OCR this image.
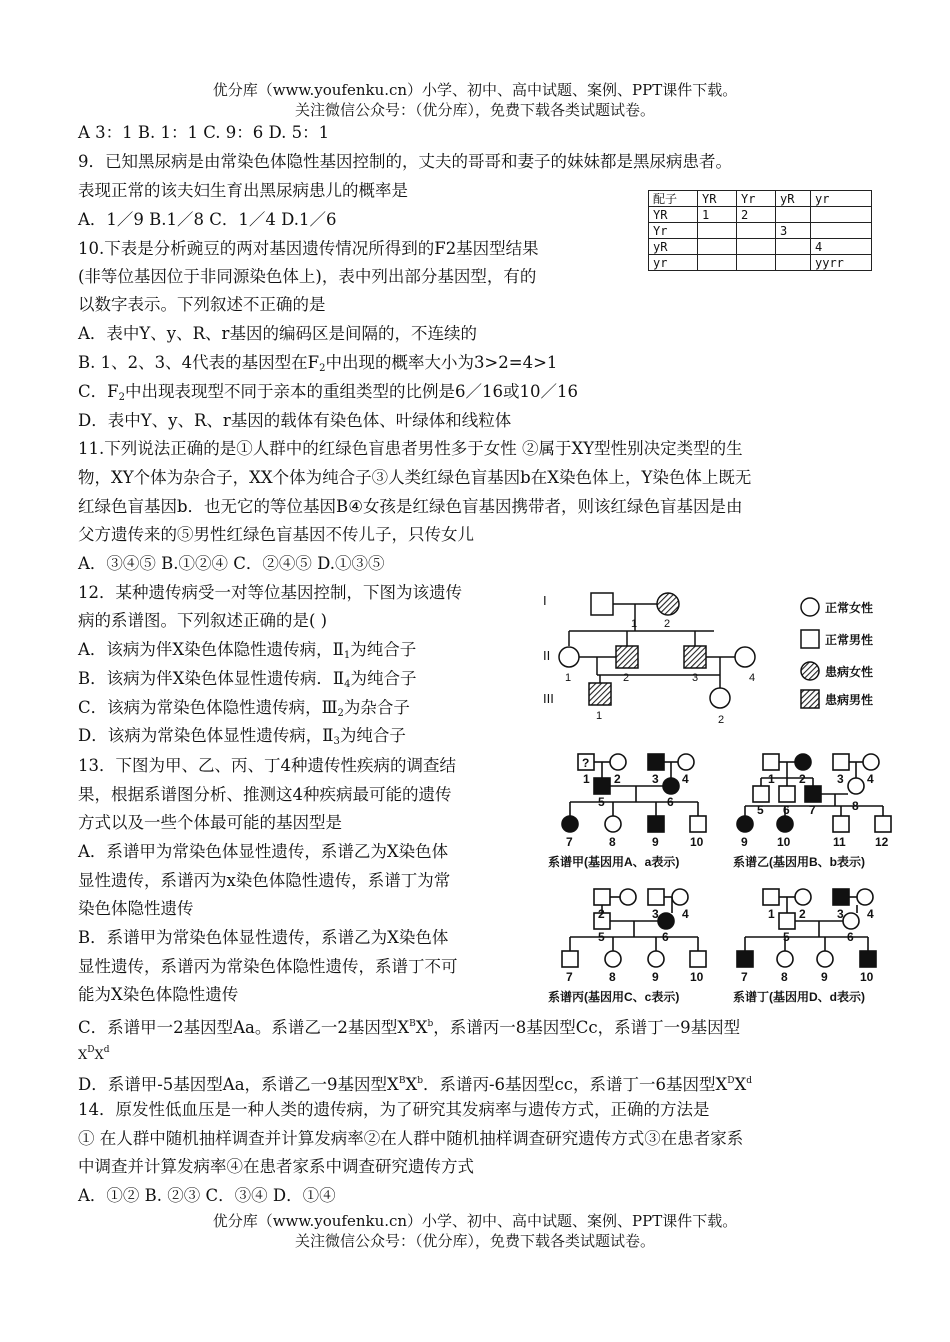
优分库（www.youfenku.cn）小学、初中、高中试题、案例、PPT课件下载。
关注微信公众号：（优分库），免费下载各类试题试卷。
A 3：1 B. 1：1 C. 9：6 D. 5：1
9．已知黑尿病是由常染色体隐性基因控制的，丈夫的哥哥和妻子的妹妹都是黑尿病患者。
表现正常的该夫妇生育出黑尿病患儿的概率是
A．1／9 B.1／8 C．1／4 D.1／6
配子	YR	Yr	yR	yr
YR	1	2		
Yr			3	
yR				4
yr				yyrr
10.下表是分析豌豆的两对基因遗传情况所得到的F2基因型结果
(非等位基因位于非同源染色体上)，表中列出部分基因型，有的
以数字表示。下列叙述不正确的是
A．表中Y、y、R、r基因的编码区是间隔的，不连续的
B. 1、2、3、4代表的基因型在$F_2$中出现的概率大小为3>2=4>1
C．$F_2$中出现表现型不同于亲本的重组类型的比例是6／16或10／16
D．表中Y、y、R、r基因的载体有染色体、叶绿体和线粒体
11.下列说法正确的是①人群中的红绿色盲患者男性多于女性 ②属于XY型性别决定类型的生
物，XY个体为杂合子，XX个体为纯合子③人类红绿色盲基因b在X染色体上，Y染色体上既无
红绿色盲基因b．也无它的等位基因B④女孩是红绿色盲基因携带者，则该红绿色盲基因是由
父方遗传来的⑤男性红绿色盲基因不传儿子，只传女儿
A．③④⑤ B.①②④ C．②④⑤ D.①③⑤
12．某种遗传病受一对等位基因控制，下图为该遗传
病的系谱图。下列叙述正确的是( )
A．该病为伴X染色体隐性遗传病，$Ⅱ_1$为纯合子
B．该病为伴X染色体显性遗传病．$Ⅱ_4$为纯合子
C．该病为常染色体隐性遗传病，$Ⅲ_2$为杂合子
D．该病为常染色体显性遗传病，$Ⅱ_3$为纯合子
I
II
III
1 2
1	2	3	4
1	2
正常女性
正常男性
患病女性
患病男性
13．下图为甲、乙、丙、丁4种遗传性疾病的调查结
果，根据系谱图分析、推测这4种疾病最可能的遗传
方式以及一些个体最可能的基因型是
A．系谱甲为常染色体显性遗传，系谱乙为X染色体
显性遗传，系谱丙为x染色体隐性遗传，系谱丁为常
染色体隐性遗传
B．系谱甲为常染色体显性遗传，系谱乙为X染色体
显性遗传，系谱丙为常染色体隐性遗传，系谱丁不可
能为X染色体隐性遗传
C．系谱甲一2基因型Aa。系谱乙一2基因型$X^BX^b$，系谱丙一8基因型Cc，系谱丁一9基因型
$X^DX^d$
D．系谱甲-5基因型Aa，系谱乙一9基因型$X^BX^b$．系谱丙-6基因型cc，系谱丁一6基因型$X^DX^d$
?
1 2	3 4
5	6
7	8	9	10
系谱甲(基因用A、a表示)
1 2	3 4
5 6 7	8
9 10	11 12
系谱乙(基因用B、b表示)
2	3 4
5	6
7	8	9	10
系谱丙(基因用C、c表示)
1 2	3 4
5	6
7	8	9	10
系谱丁(基因用D、d表示)
14．原发性低血压是一种人类的遗传病，为了研究其发病率与遗传方式，正确的方法是
① 在人群中随机抽样调查并计算发病率②在人群中随机抽样调查研究遗传方式③在患者家系
中调查并计算发病率④在患者家系中调查研究遗传方式
A．①② B. ②③ C．③④ D．①④
优分库（www.youfenku.cn）小学、初中、高中试题、案例、PPT课件下载。
关注微信公众号：（优分库），免费下载各类试题试卷。
